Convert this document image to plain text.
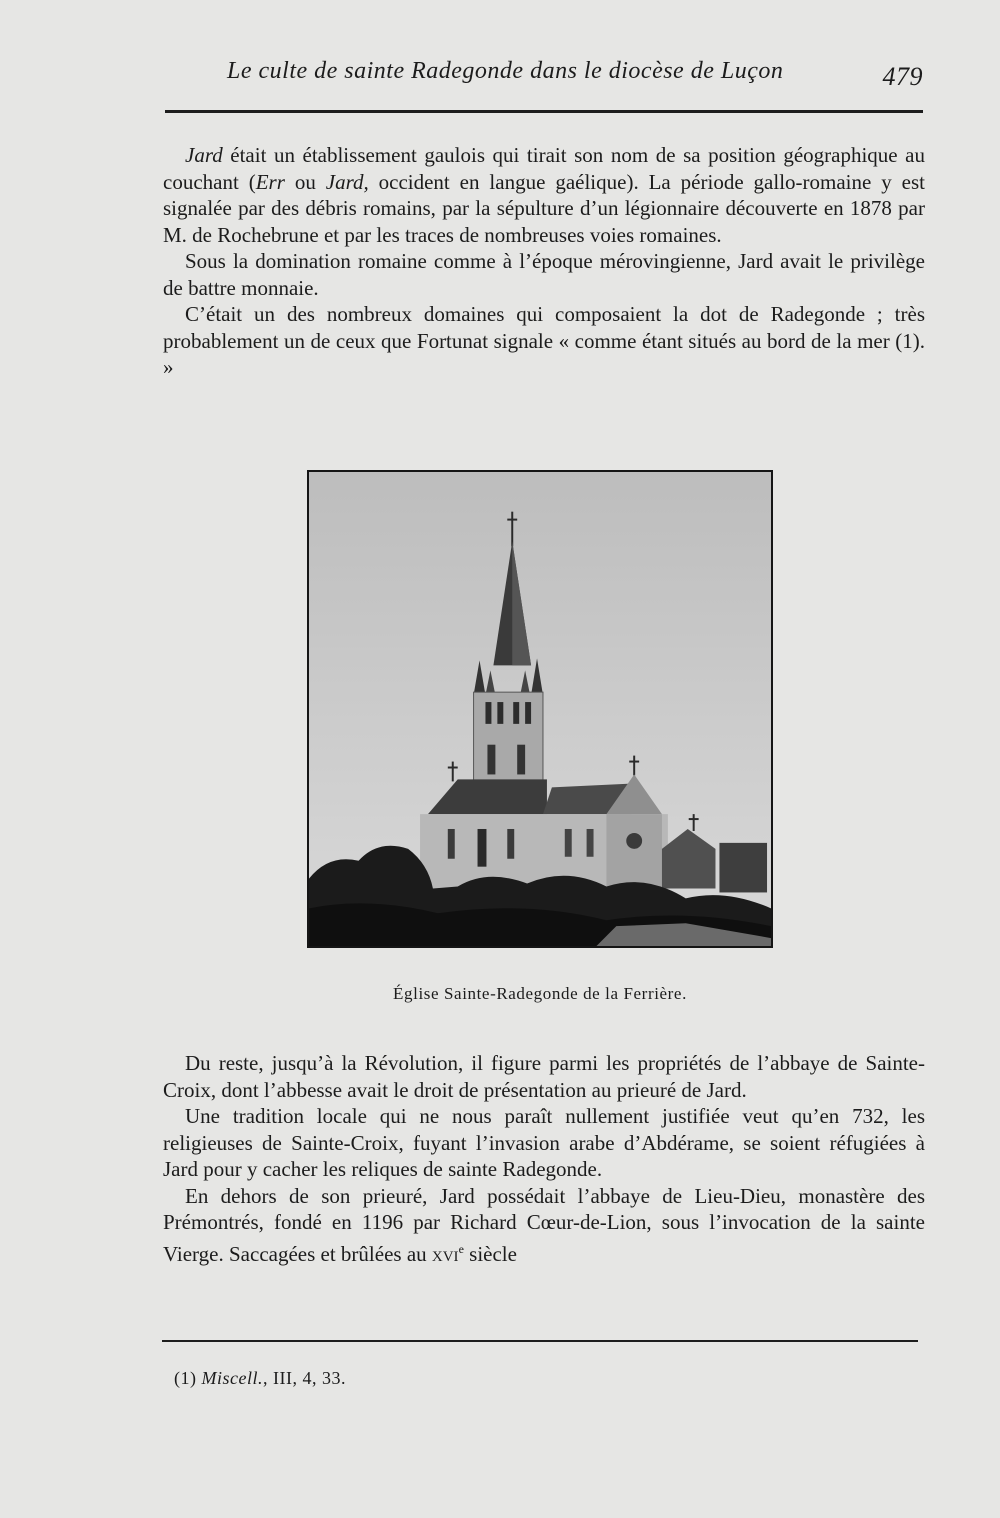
Le culte de sainte Radegonde dans le diocèse de Luçon	479

Jard était un établissement gaulois qui tirait son nom de sa position géographique au couchant (Err ou Jard, occident en langue gaélique). La période gallo-romaine y est signalée par des débris romains, par la sépulture d’un légionnaire découverte en 1878 par M. de Rochebrune et par les traces de nombreuses voies romaines.

Sous la domination romaine comme à l’époque mérovingienne, Jard avait le privilège de battre monnaie.

C’était un des nombreux domaines qui composaient la dot de Radegonde ; très probablement un de ceux que Fortunat signale « comme étant situés au bord de la mer (1). »

Église Sainte-Radegonde de la Ferrière.

Du reste, jusqu’à la Révolution, il figure parmi les propriétés de l’abbaye de Sainte-Croix, dont l’abbesse avait le droit de présentation au prieuré de Jard.

Une tradition locale qui ne nous paraît nullement justifiée veut qu’en 732, les religieuses de Sainte-Croix, fuyant l’invasion arabe d’Abdérame, se soient réfugiées à Jard pour y cacher les reliques de sainte Radegonde.

En dehors de son prieuré, Jard possédait l’abbaye de Lieu-Dieu, monastère des Prémontrés, fondé en 1196 par Richard Cœur-de-Lion, sous l’invocation de la sainte Vierge. Saccagées et brûlées au xvi$^e$ siècle

(1) Miscell., III, 4, 33.
